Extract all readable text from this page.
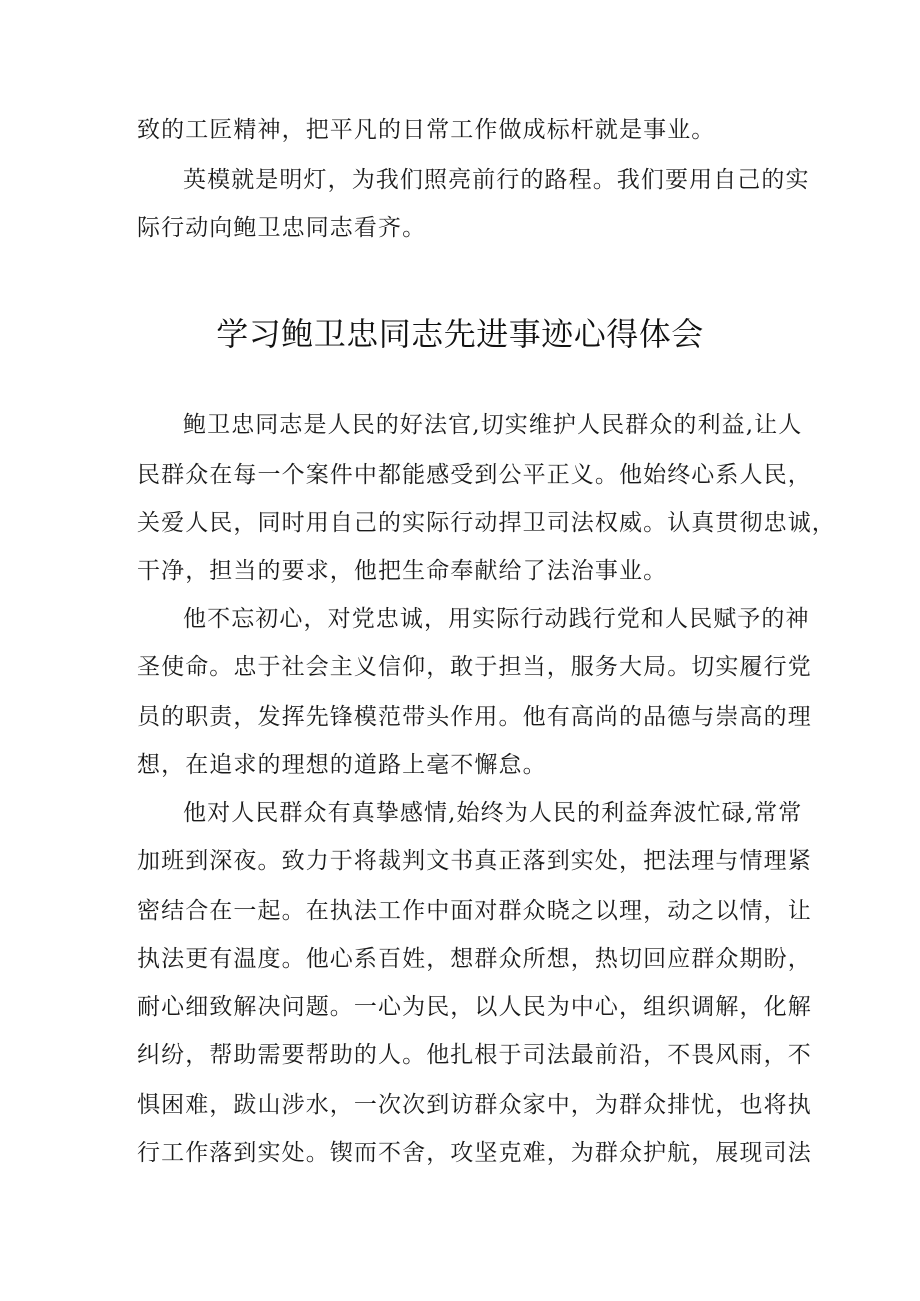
致的工匠精神，把平凡的日常工作做成标杆就是事业。
英模就是明灯，为我们照亮前行的路程。我们要用自己的实
际行动向鲍卫忠同志看齐。
学习鲍卫忠同志先进事迹心得体会
鲍卫忠同志是人民的好法官,切实维护人民群众的利益,让人
民群众在每一个案件中都能感受到公平正义。他始终心系人民，
关爱人民，同时用自己的实际行动捍卫司法权威。认真贯彻忠诚，
干净，担当的要求，他把生命奉献给了法治事业。
他不忘初心，对党忠诚，用实际行动践行党和人民赋予的神
圣使命。忠于社会主义信仰，敢于担当，服务大局。切实履行党
员的职责，发挥先锋模范带头作用。他有高尚的品德与崇高的理
想，在追求的理想的道路上毫不懈怠。
他对人民群众有真挚感情,始终为人民的利益奔波忙碌,常常
加班到深夜。致力于将裁判文书真正落到实处，把法理与情理紧
密结合在一起。在执法工作中面对群众晓之以理，动之以情，让
执法更有温度。他心系百姓，想群众所想，热切回应群众期盼，
耐心细致解决问题。一心为民，以人民为中心，组织调解，化解
纠纷，帮助需要帮助的人。他扎根于司法最前沿，不畏风雨，不
惧困难，跋山涉水，一次次到访群众家中，为群众排忧，也将执
行工作落到实处。锲而不舍，攻坚克难，为群众护航，展现司法
